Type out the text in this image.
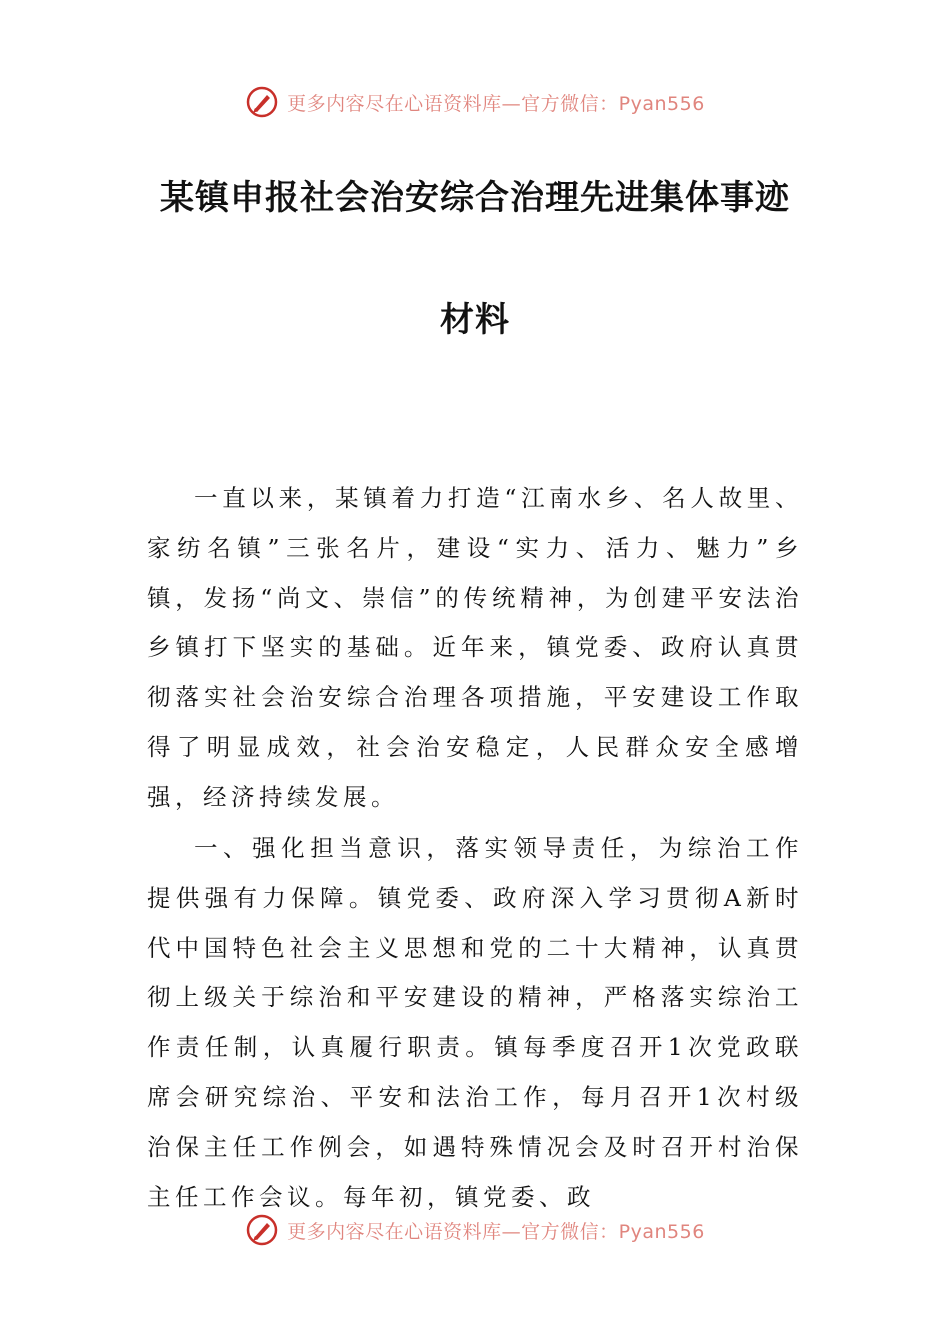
更多内容尽在心语资料库—官方微信：Pyan556
某镇申报社会治安综合治理先进集体事迹
材料

一直以来，某镇着力打造“江南水乡、名人故里、家纺名镇”三张名片，建设“实力、活力、魅力”乡镇，发扬“尚文、崇信”的传统精神，为创建平安法治乡镇打下坚实的基础。近年来，镇党委、政府认真贯彻落实社会治安综合治理各项措施，平安建设工作取得了明显成效，社会治安稳定，人民群众安全感增强，经济持续发展。

一、强化担当意识，落实领导责任，为综治工作提供强有力保障。镇党委、政府深入学习贯彻A新时代中国特色社会主义思想和党的二十大精神，认真贯彻上级关于综治和平安建设的精神，严格落实综治工作责任制，认真履行职责。镇每季度召开1次党政联席会研究综治、平安和法治工作，每月召开1次村级治保主任工作例会，如遇特殊情况会及时召开村治保主任工作会议。每年初，镇党委、政

更多内容尽在心语资料库—官方微信：Pyan556
